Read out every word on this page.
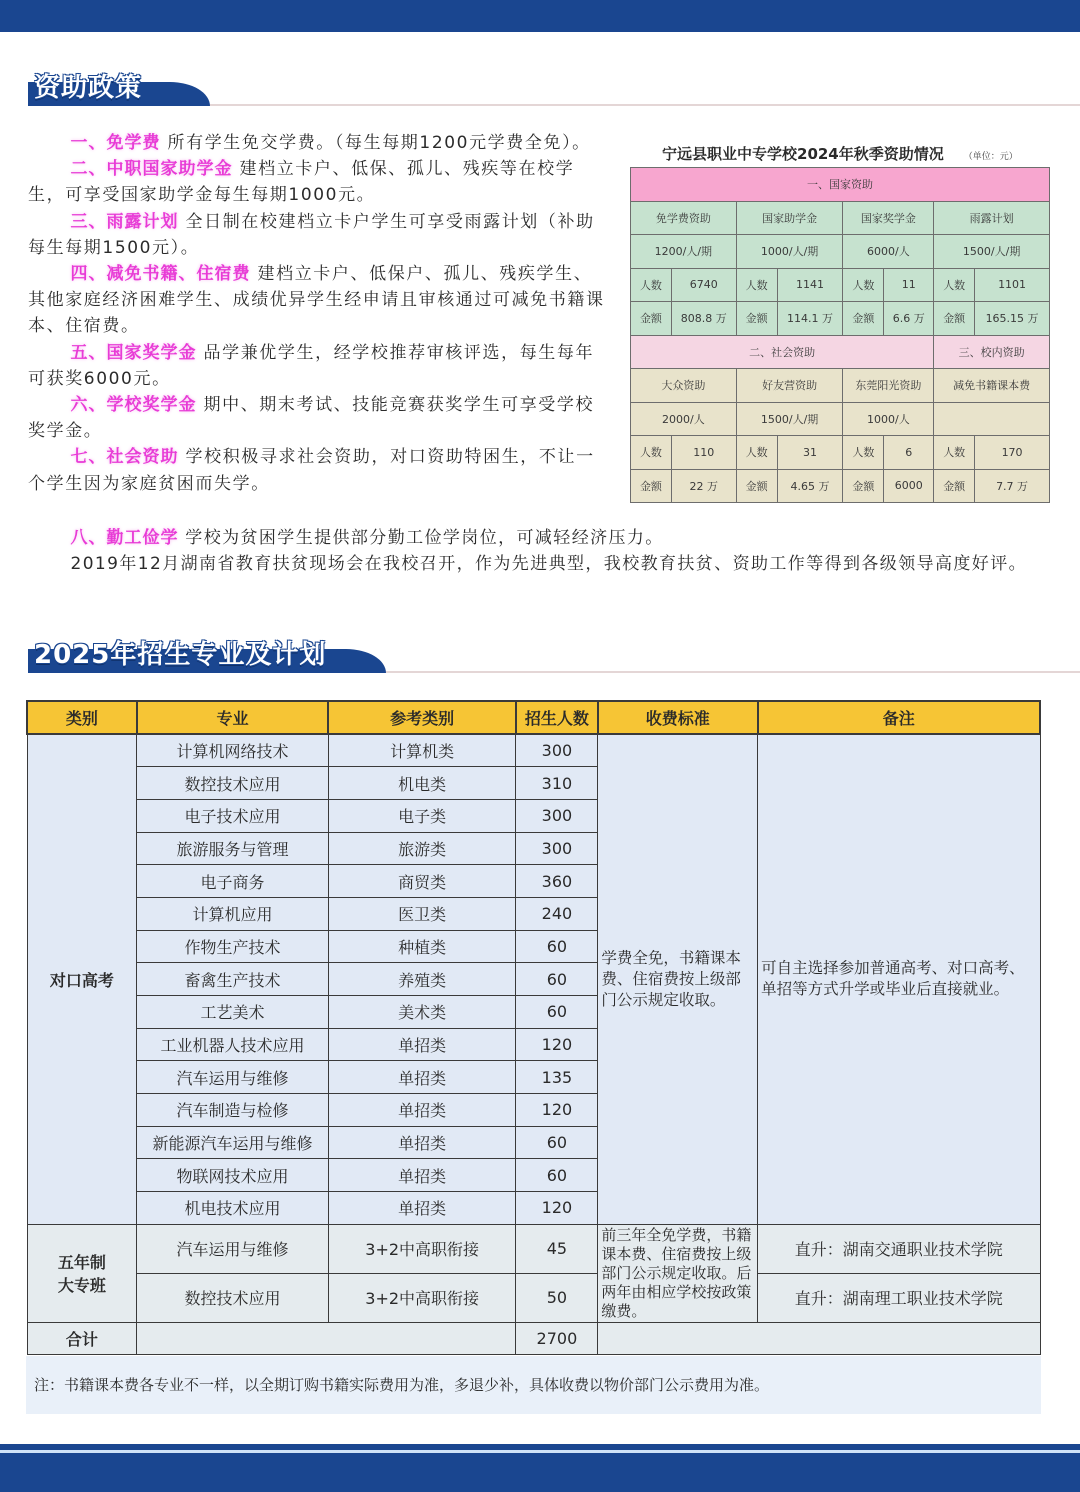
资助政策

一、免学费 所有学生免交学费。（每生每期1200元学费全免）。

二、中职国家助学金 建档立卡户、低保、孤儿、残疾等在校学生，可享受国家助学金每生每期1000元。

三、雨露计划 全日制在校建档立卡户学生可享受雨露计划（补助每生每期1500元）。

四、减免书籍、住宿费 建档立卡户、低保户、孤儿、残疾学生、其他家庭经济困难学生、成绩优异学生经申请且审核通过可减免书籍课本、住宿费。

五、国家奖学金 品学兼优学生，经学校推荐审核评选，每生每年可获奖6000元。

六、学校奖学金 期中、期末考试、技能竞赛获奖学生可享受学校奖学金。

七、社会资助 学校积极寻求社会资助，对口资助特困生，不让一个学生因为家庭贫困而失学。

八、勤工俭学 学校为贫困学生提供部分勤工俭学岗位，可减轻经济压力。

2019年12月湖南省教育扶贫现场会在我校召开，作为先进典型，我校教育扶贫、资助工作等得到各级领导高度好评。

宁远县职业中专学校2024年秋季资助情况 （单位：元）
一、国家资助							
免学费资助		国家助学金		国家奖学金		雨露计划	
1200/人/期		1000/人/期		6000/人		1500/人/期	
人数	6740	人数	1141	人数	11	人数	1101
金额	808.8 万	金额	114.1 万	金额	6.6 万	金额	165.15 万
二、社会资助						三、校内资助	
大众资助		好友营资助		东莞阳光资助		减免书籍课本费	
2000/人		1500/人/期		1000/人			
人数	110	人数	31	人数	6	人数	170
金额	22 万	金额	4.65 万	金额	6000	金额	7.7 万
2025年招生专业及计划
类别	专业	参考类别	招生人数	收费标准	备注
对口高考	计算机网络技术	计算机类	300	学费全免，书籍课本费、住宿费按上级部门公示规定收取。	可自主选择参加普通高考、对口高考、单招等方式升学或毕业后直接就业。
	数控技术应用	机电类	310		
	电子技术应用	电子类	300		
	旅游服务与管理	旅游类	300		
	电子商务	商贸类	360		
	计算机应用	医卫类	240		
	作物生产技术	种植类	60		
	畜禽生产技术	养殖类	60		
	工艺美术	美术类	60		
	工业机器人技术应用	单招类	120		
	汽车运用与维修	单招类	135		
	汽车制造与检修	单招类	120		
	新能源汽车运用与维修	单招类	60		
	物联网技术应用	单招类	60		
	机电技术应用	单招类	120		
五年制
大专班	汽车运用与维修	3+2中高职衔接	45	前三年全免学费，书籍课本费、住宿费按上级部门公示规定收取。后两年由相应学校按政策缴费。	直升：湖南交通职业技术学院
	数控技术应用	3+2中高职衔接	50		直升：湖南理工职业技术学院
合计			2700		
注：书籍课本费各专业不一样，以全期订购书籍实际费用为准，多退少补，具体收费以物价部门公示费用为准。
